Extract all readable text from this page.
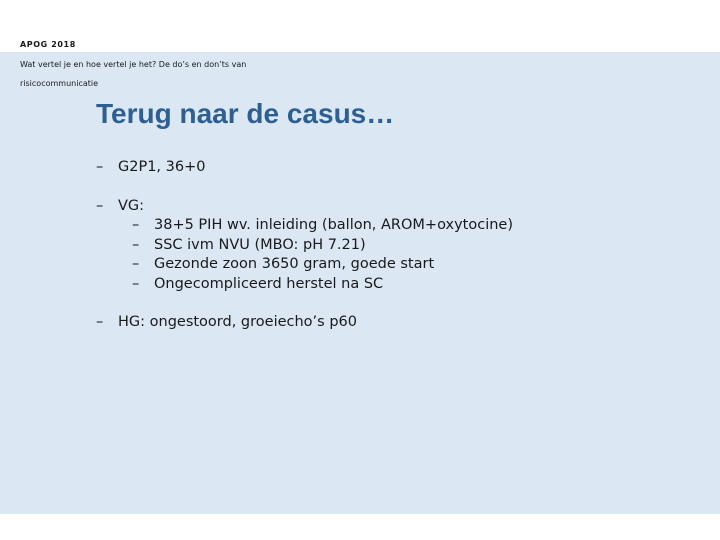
APOG 2018
Wat vertel je en hoe vertel je het? De do’s en don’ts van risicocommunicatie
Terug naar de casus…
–	G2P1, 36+0
–	VG:
–	38+5 PIH wv. inleiding (ballon, AROM+oxytocine)
–	SSC ivm NVU (MBO: pH 7.21)
–	Gezonde zoon 3650 gram, goede start
–	Ongecompliceerd herstel na SC
–	HG: ongestoord, groeiecho’s p60
